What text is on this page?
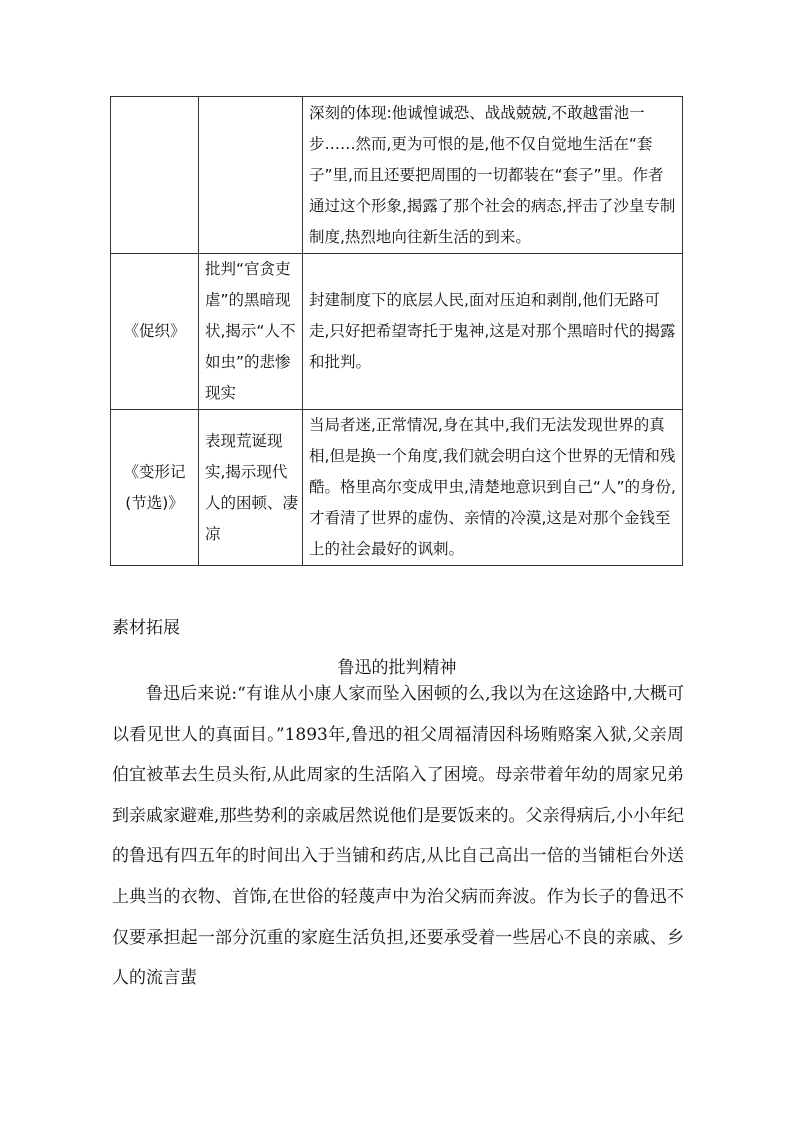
		深刻的体现:他诚惶诚恐、战战兢兢,不敢越雷池一步……然而,更为可恨的是,他不仅自觉地生活在“套子”里,而且还要把周围的一切都装在“套子”里。作者通过这个形象,揭露了那个社会的病态,抨击了沙皇专制制度,热烈地向往新生活的到来。
《促织》	批判“官贪吏虐”的黑暗现状,揭示“人不如虫”的悲惨现实	封建制度下的底层人民,面对压迫和剥削,他们无路可走,只好把希望寄托于鬼神,这是对那个黑暗时代的揭露和批判。
《变形记(节选)》	表现荒诞现实,揭示现代人的困顿、凄凉	当局者迷,正常情况,身在其中,我们无法发现世界的真相,但是换一个角度,我们就会明白这个世界的无情和残酷。格里高尔变成甲虫,清楚地意识到自己“人”的身份,才看清了世界的虚伪、亲情的冷漠,这是对那个金钱至上的社会最好的讽刺。

素材拓展

鲁迅的批判精神

鲁迅后来说:“有谁从小康人家而坠入困顿的么,我以为在这途路中,大概可以看见世人的真面目。”1893年,鲁迅的祖父周福清因科场贿赂案入狱,父亲周伯宜被革去生员头衔,从此周家的生活陷入了困境。母亲带着年幼的周家兄弟到亲戚家避难,那些势利的亲戚居然说他们是要饭来的。父亲得病后,小小年纪的鲁迅有四五年的时间出入于当铺和药店,从比自己高出一倍的当铺柜台外送上典当的衣物、首饰,在世俗的轻蔑声中为治父病而奔波。作为长子的鲁迅不仅要承担起一部分沉重的家庭生活负担,还要承受着一些居心不良的亲戚、乡人的流言蜚
